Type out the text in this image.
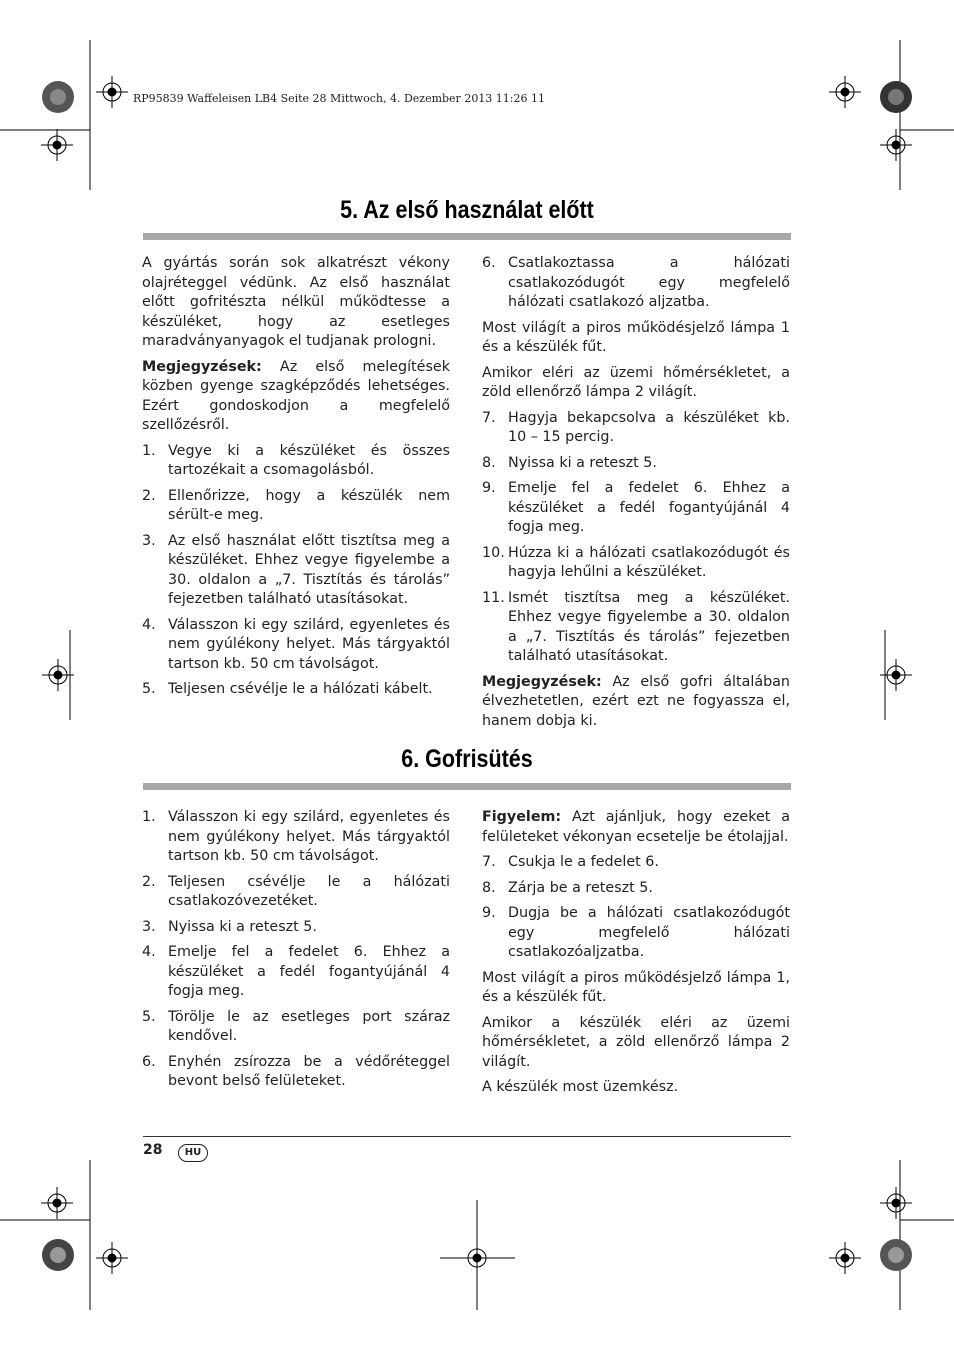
RP95839 Waffeleisen LB4 Seite 28 Mittwoch, 4. Dezember 2013 11:26 11
5. Az első használat előtt

A gyártás során sok alkatrészt vékony olajréteggel védünk. Az első használat előtt gofritészta nélkül működtesse a készüléket, hogy az esetleges maradványanyagok el tudjanak prologni.

Megjegyzések: Az első melegítések közben gyenge szagképződés lehetséges. Ezért gondoskodjon a megfelelő szellőzésről.

1. Vegye ki a készüléket és összes tartozékait a csomagolásból.
2. Ellenőrizze, hogy a készülék nem sérült-e meg.
3. Az első használat előtt tisztítsa meg a készüléket. Ehhez vegye figyelembe a 30. oldalon a „7. Tisztítás és tárolás” fejezetben található utasításokat.
4. Válasszon ki egy szilárd, egyenletes és nem gyúlékony helyet. Más tárgyaktól tartson kb. 50 cm távolságot.
5. Teljesen csévélje le a hálózati kábelt.
6. Csatlakoztassa a hálózati csatlakozódugót egy megfelelő hálózati csatlakozó aljzatba.

Most világít a piros működésjelző lámpa 1 és a készülék fűt.

Amikor eléri az üzemi hőmérsékletet, a zöld ellenőrző lámpa 2 világít.

7. Hagyja bekapcsolva a készüléket kb. 10 – 15 percig.
8. Nyissa ki a reteszt 5.
9. Emelje fel a fedelet 6. Ehhez a készüléket a fedél fogantyújánál 4 fogja meg.
10. Húzza ki a hálózati csatlakozódugót és hagyja lehűlni a készüléket.
11. Ismét tisztítsa meg a készüléket. Ehhez vegye figyelembe a 30. oldalon a „7. Tisztítás és tárolás” fejezetben található utasításokat.

Megjegyzések: Az első gofri általában élvezhetetlen, ezért ezt ne fogyassza el, hanem dobja ki.

6. Gofrisütés
1. Válasszon ki egy szilárd, egyenletes és nem gyúlékony helyet. Más tárgyaktól tartson kb. 50 cm távolságot.
2. Teljesen csévélje le a hálózati csatlakozóvezetéket.
3. Nyissa ki a reteszt 5.
4. Emelje fel a fedelet 6. Ehhez a készüléket a fedél fogantyújánál 4 fogja meg.
5. Törölje le az esetleges port száraz kendővel.
6. Enyhén zsírozza be a védőréteggel bevont belső felületeket.

Figyelem: Azt ajánljuk, hogy ezeket a felületeket vékonyan ecsetelje be étolajjal.

7. Csukja le a fedelet 6.
8. Zárja be a reteszt 5.
9. Dugja be a hálózati csatlakozódugót egy megfelelő hálózati csatlakozóaljzatba.

Most világít a piros működésjelző lámpa 1, és a készülék fűt.

Amikor a készülék eléri az üzemi hőmérsékletet, a zöld ellenőrző lámpa 2 világít.

A készülék most üzemkész.

28	HU
